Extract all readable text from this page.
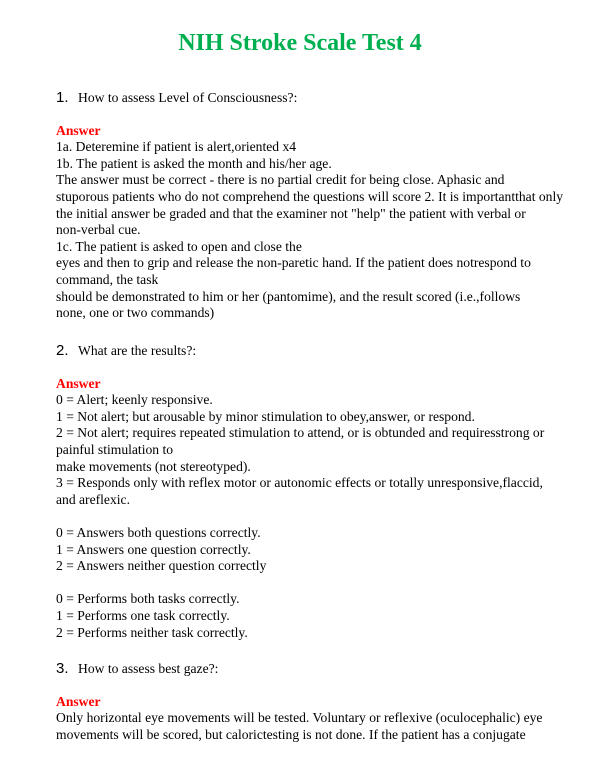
NIH Stroke Scale Test 4
1. How to assess Level of Consciousness?:
Answer
1a. Deteremine if patient is alert,oriented x4
1b. The patient is asked the month and his/her age.
The answer must be correct - there is no partial credit for being close. Aphasic and
stuporous patients who do not comprehend the questions will score 2. It is importantthat only
the initial answer be graded and that the examiner not "help" the patient with verbal or
non-verbal cue.
1c. The patient is asked to open and close the
eyes and then to grip and release the non-paretic hand. If the patient does notrespond to
command, the task
should be demonstrated to him or her (pantomime), and the result scored (i.e.,follows
none, one or two commands)
2. What are the results?:
Answer
0 = Alert; keenly responsive.
1 = Not alert; but arousable by minor stimulation to obey,answer, or respond.
2 = Not alert; requires repeated stimulation to attend, or is obtunded and requiresstrong or
painful stimulation to
make movements (not stereotyped).
3 = Responds only with reflex motor or autonomic effects or totally unresponsive,flaccid,
and areflexic.
0 = Answers both questions correctly.
1 = Answers one question correctly.
2 = Answers neither question correctly
0 = Performs both tasks correctly.
1 = Performs one task correctly.
2 = Performs neither task correctly.
3. How to assess best gaze?:
Answer
Only horizontal eye movements will be tested. Voluntary or reflexive (oculocephalic) eye
movements will be scored, but calorictesting is not done. If the patient has a conjugate
